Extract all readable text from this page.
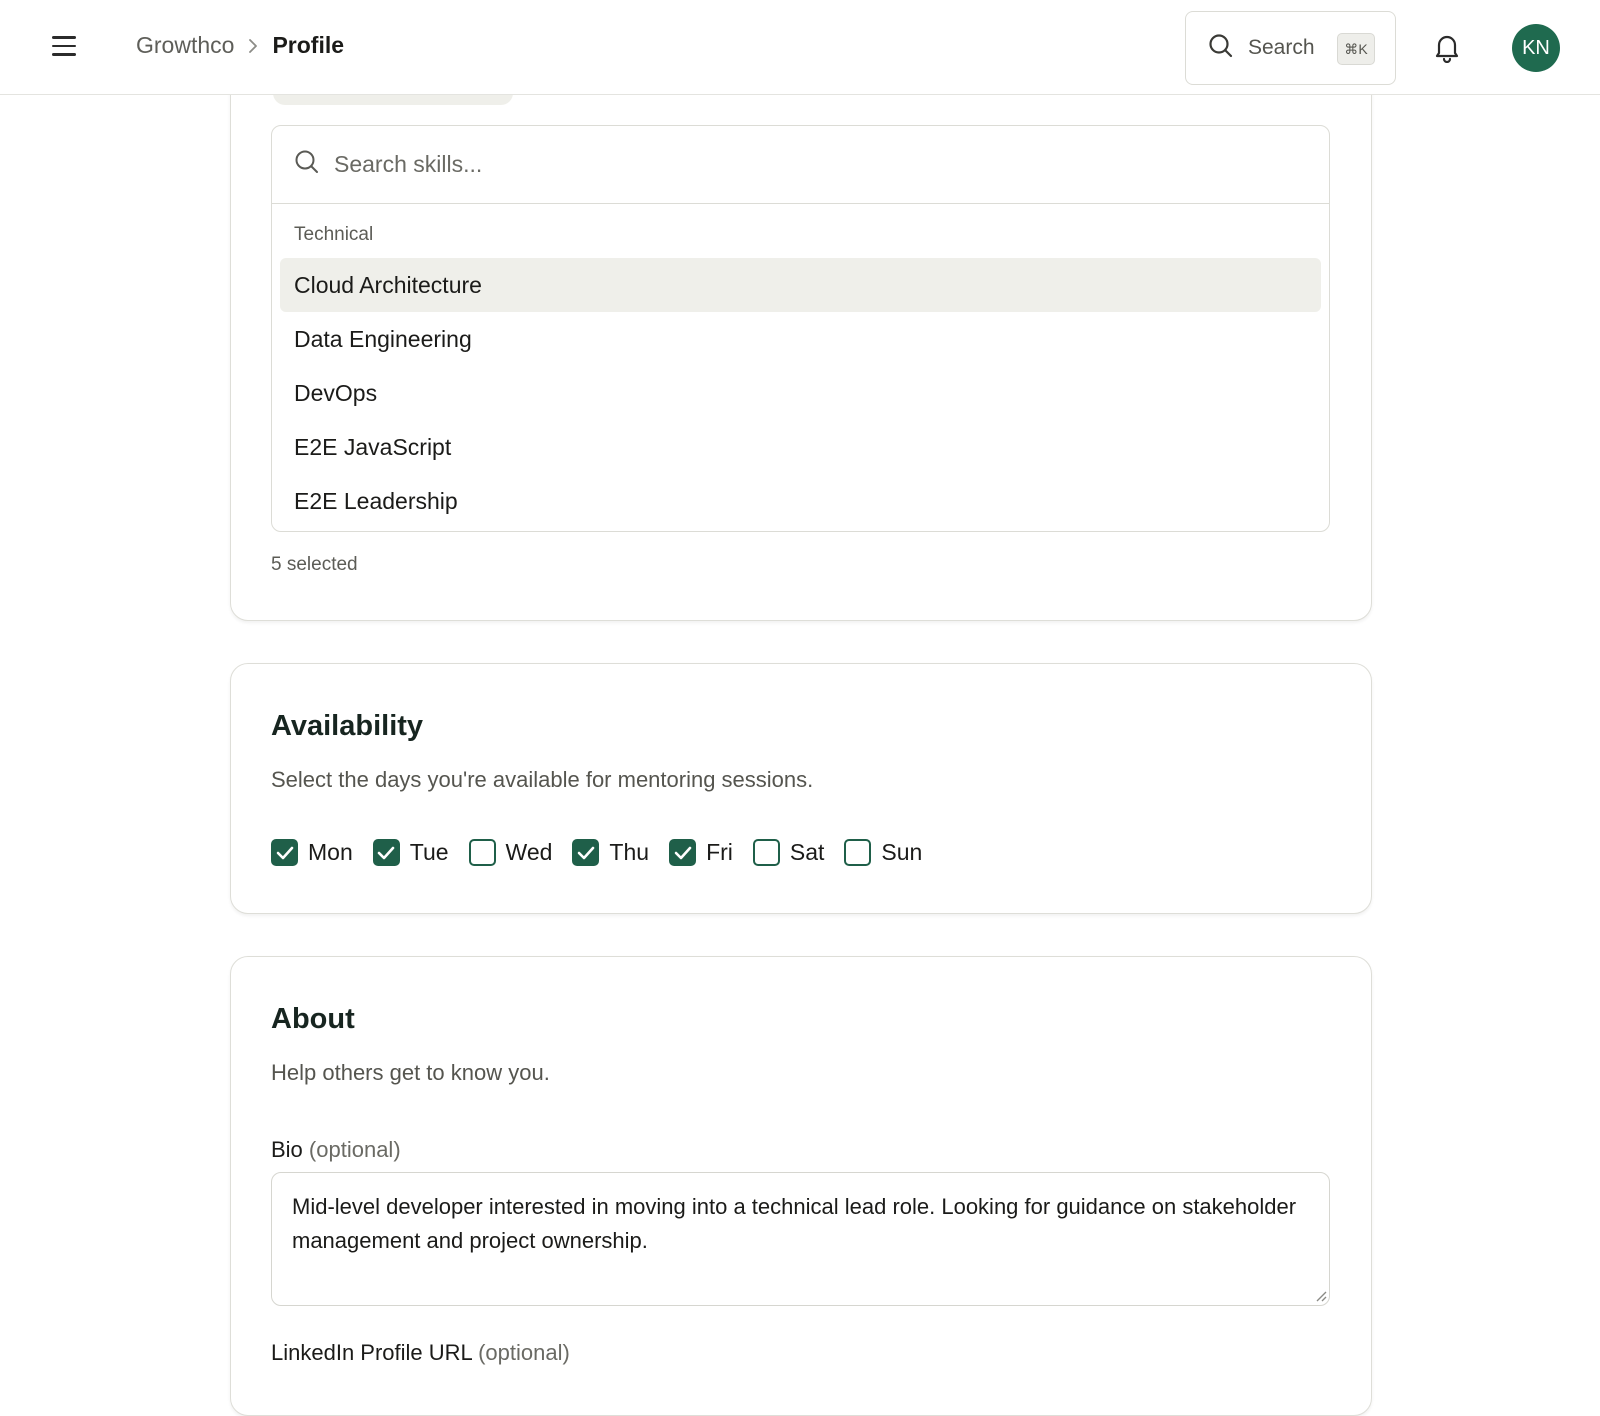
Growthco Profile	Search	⌘K	KN
Search skills...
Technical
Cloud Architecture
Data Engineering
DevOps
E2E JavaScript
E2E Leadership
5 selected
Availability
Select the days you're available for mentoring sessions.
Mon Tue Wed Thu Fri Sat Sun
About
Help others get to know you.
Bio (optional)
Mid-level developer interested in moving into a technical lead role. Looking for guidance on stakeholder management and project ownership.
LinkedIn Profile URL (optional)
